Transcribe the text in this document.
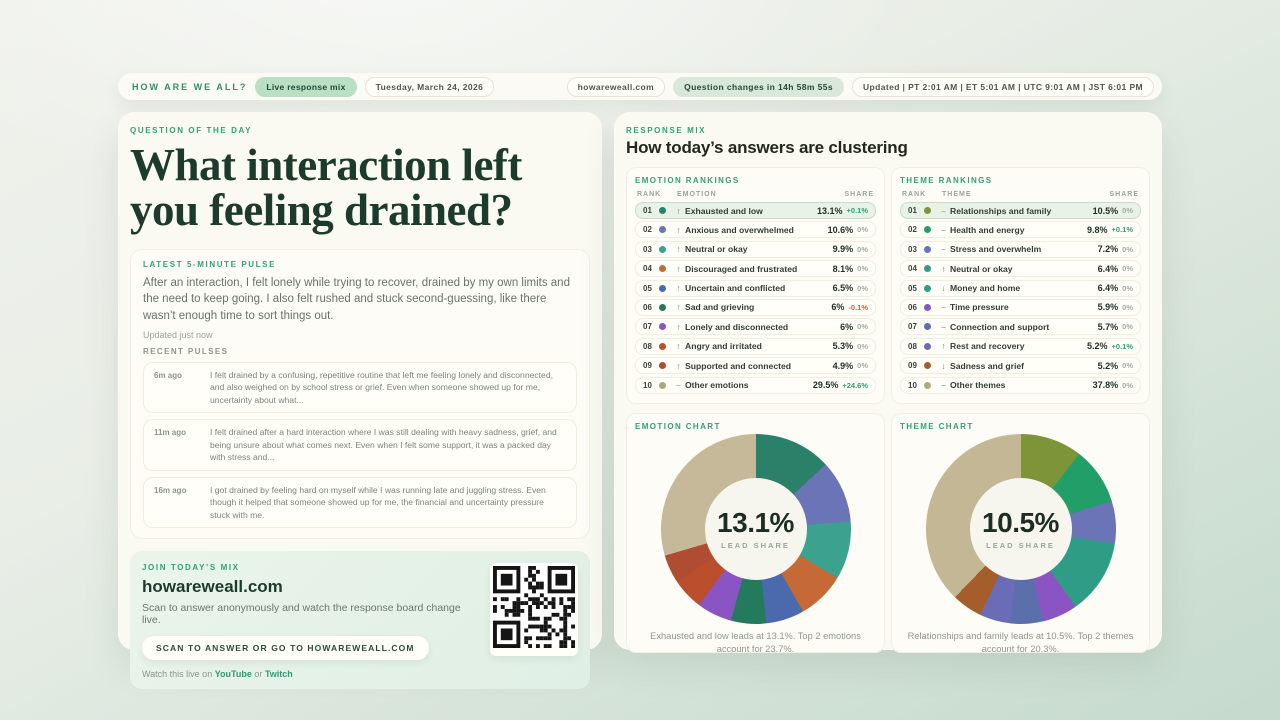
HOW ARE WE ALL?	Live response mix	Tuesday, March 24, 2026	howareweall.com	Question changes in 14h 58m 55s	Updated | PT 2:01 AM | ET 5:01 AM | UTC 9:01 AM | JST 6:01 PM
QUESTION OF THE DAY
What interaction left you feeling drained?
LATEST 5-MINUTE PULSE

After an interaction, I felt lonely while trying to recover, drained by my own limits and the need to keep going. I also felt rushed and stuck second-guessing, like there wasn’t enough time to sort things out.

Updated just now
RECENT PULSES
6m ago	I felt drained by a confusing, repetitive routine that left me feeling lonely and disconnected, and also weighed on by school stress or grief. Even when someone showed up for me, uncertainty about what...
11m ago	I felt drained after a hard interaction where I was still dealing with heavy sadness, grief, and being unsure about what comes next. Even when I felt some support, it was a packed day with stress and...
16m ago	I got drained by feeling hard on myself while I was running late and juggling stress. Even though it helped that someone showed up for me, the financial and uncertainty pressure stuck with me.
JOIN TODAY’S MIX
howareweall.com
Scan to answer anonymously and watch the response board change live.
SCAN TO ANSWER OR GO TO HOWAREWEALL.COM
Watch this live on YouTube or Twitch
RESPONSE MIX
How today’s answers are clustering
EMOTION RANKINGS
RANK	EMOTION	SHARE
01	↑ Exhausted and low	13.1% +0.1%
02	↑ Anxious and overwhelmed	10.6% 0%
03	↑ Neutral or okay	9.9% 0%
04	↑ Discouraged and frustrated	8.1% 0%
05	↑ Uncertain and conflicted	6.5% 0%
06	↑ Sad and grieving	6% -0.1%
07	↑ Lonely and disconnected	6% 0%
08	↑ Angry and irritated	5.3% 0%
09	↑ Supported and connected	4.9% 0%
10	– Other emotions	29.5% +24.6%
THEME RANKINGS
RANK	THEME	SHARE
01	– Relationships and family	10.5% 0%
02	– Health and energy	9.8% +0.1%
03	– Stress and overwhelm	7.2% 0%
04	↑ Neutral or okay	6.4% 0%
05	↓ Money and home	6.4% 0%
06	– Time pressure	5.9% 0%
07	– Connection and support	5.7% 0%
08	↑ Rest and recovery	5.2% +0.1%
09	↓ Sadness and grief	5.2% 0%
10	– Other themes	37.8% 0%
EMOTION CHART
13.1%
LEAD SHARE
Exhausted and low leads at 13.1%. Top 2 emotions account for 23.7%.
THEME CHART
10.5%
LEAD SHARE
Relationships and family leads at 10.5%. Top 2 themes account for 20.3%.
